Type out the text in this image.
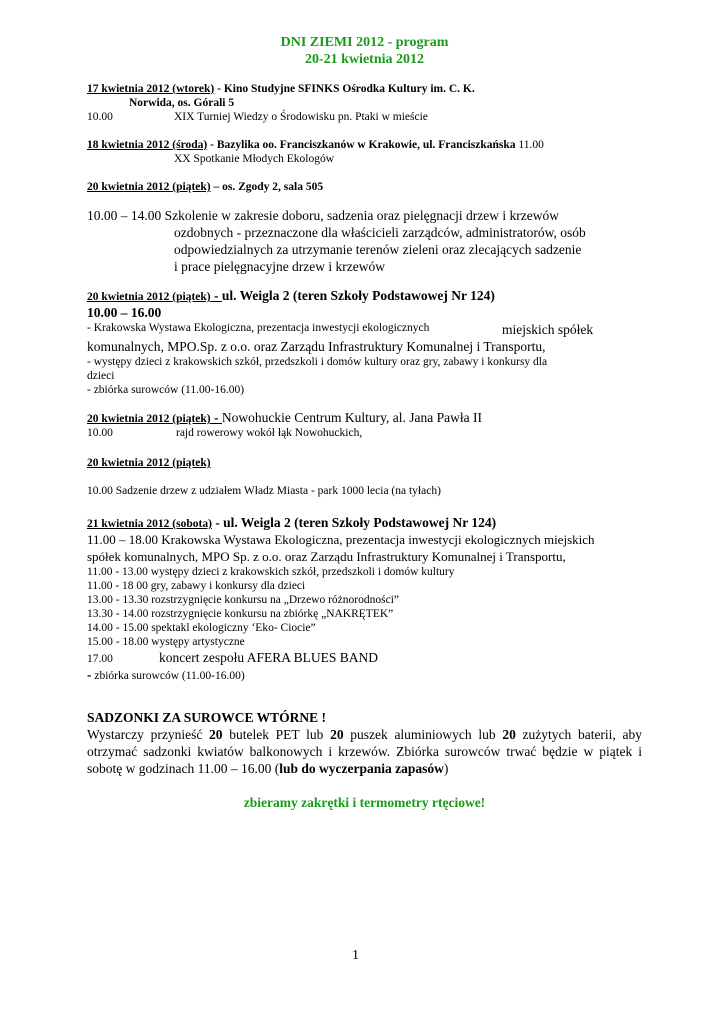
DNI ZIEMI 2012 - program
20-21 kwietnia 2012
17 kwietnia 2012 (wtorek) - Kino Studyjne SFINKS Ośrodka Kultury im. C. K.
Norwida, os. Górali 5
10.00	XIX Turniej Wiedzy o Środowisku pn. Ptaki w mieście
18 kwietnia 2012 (środa) - Bazylika oo. Franciszkanów w Krakowie, ul. Franciszkańska 11.00
XX Spotkanie Młodych Ekologów
20 kwietnia 2012 (piątek) – os. Zgody 2, sala 505
10.00 – 14.00 Szkolenie w zakresie doboru, sadzenia oraz pielęgnacji drzew i krzewów
ozdobnych - przeznaczone dla właścicieli zarządców, administratorów, osób
odpowiedzialnych za utrzymanie terenów zieleni oraz zlecających sadzenie
i prace pielęgnacyjne drzew i krzewów
20 kwietnia 2012 (piątek) - ul. Weigla 2 (teren Szkoły Podstawowej Nr 124)
10.00 – 16.00
- Krakowska Wystawa Ekologiczna, prezentacja inwestycji ekologicznych	miejskich spółek
komunalnych, MPO.Sp. z o.o. oraz Zarządu Infrastruktury Komunalnej i Transportu,
- występy dzieci z krakowskich szkół, przedszkoli i domów kultury oraz gry, zabawy i konkursy dla
dzieci
- zbiórka surowców (11.00-16.00)
20 kwietnia 2012 (piątek) - Nowohuckie Centrum Kultury, al. Jana Pawła II
10.00	rajd rowerowy wokół łąk Nowohuckich,
20 kwietnia 2012 (piątek)
10.00 Sadzenie drzew z udziałem Władz Miasta - park 1000 lecia (na tyłach)
21 kwietnia 2012 (sobota) - ul. Weigla 2 (teren Szkoły Podstawowej Nr 124)
11.00 – 18.00 Krakowska Wystawa Ekologiczna, prezentacja inwestycji ekologicznych miejskich
spółek komunalnych, MPO Sp. z o.o. oraz Zarządu Infrastruktury Komunalnej i Transportu,
11.00 - 13.00 występy dzieci z krakowskich szkół, przedszkoli i domów kultury
11.00 - 18 00 gry, zabawy i konkursy dla dzieci
13.00 - 13.30 rozstrzygnięcie konkursu na „Drzewo różnorodności”
13.30 - 14.00 rozstrzygnięcie konkursu na zbiórkę „NAKRĘTEK”
14.00 - 15.00 spektakl ekologiczny ‘Eko- Ciocie”
15.00 - 18.00 występy artystyczne
17.00	koncert zespołu AFERA BLUES BAND
- zbiórka surowców (11.00-16.00)
SADZONKI ZA SUROWCE WTÓRNE !
Wystarczy przynieść 20 butelek PET lub 20 puszek aluminiowych lub 20 zużytych baterii, aby otrzymać sadzonki kwiatów balkonowych i krzewów. Zbiórka surowców trwać będzie w piątek i sobotę w godzinach 11.00 – 16.00 (lub do wyczerpania zapasów)
zbieramy zakrętki i termometry rtęciowe!
1
